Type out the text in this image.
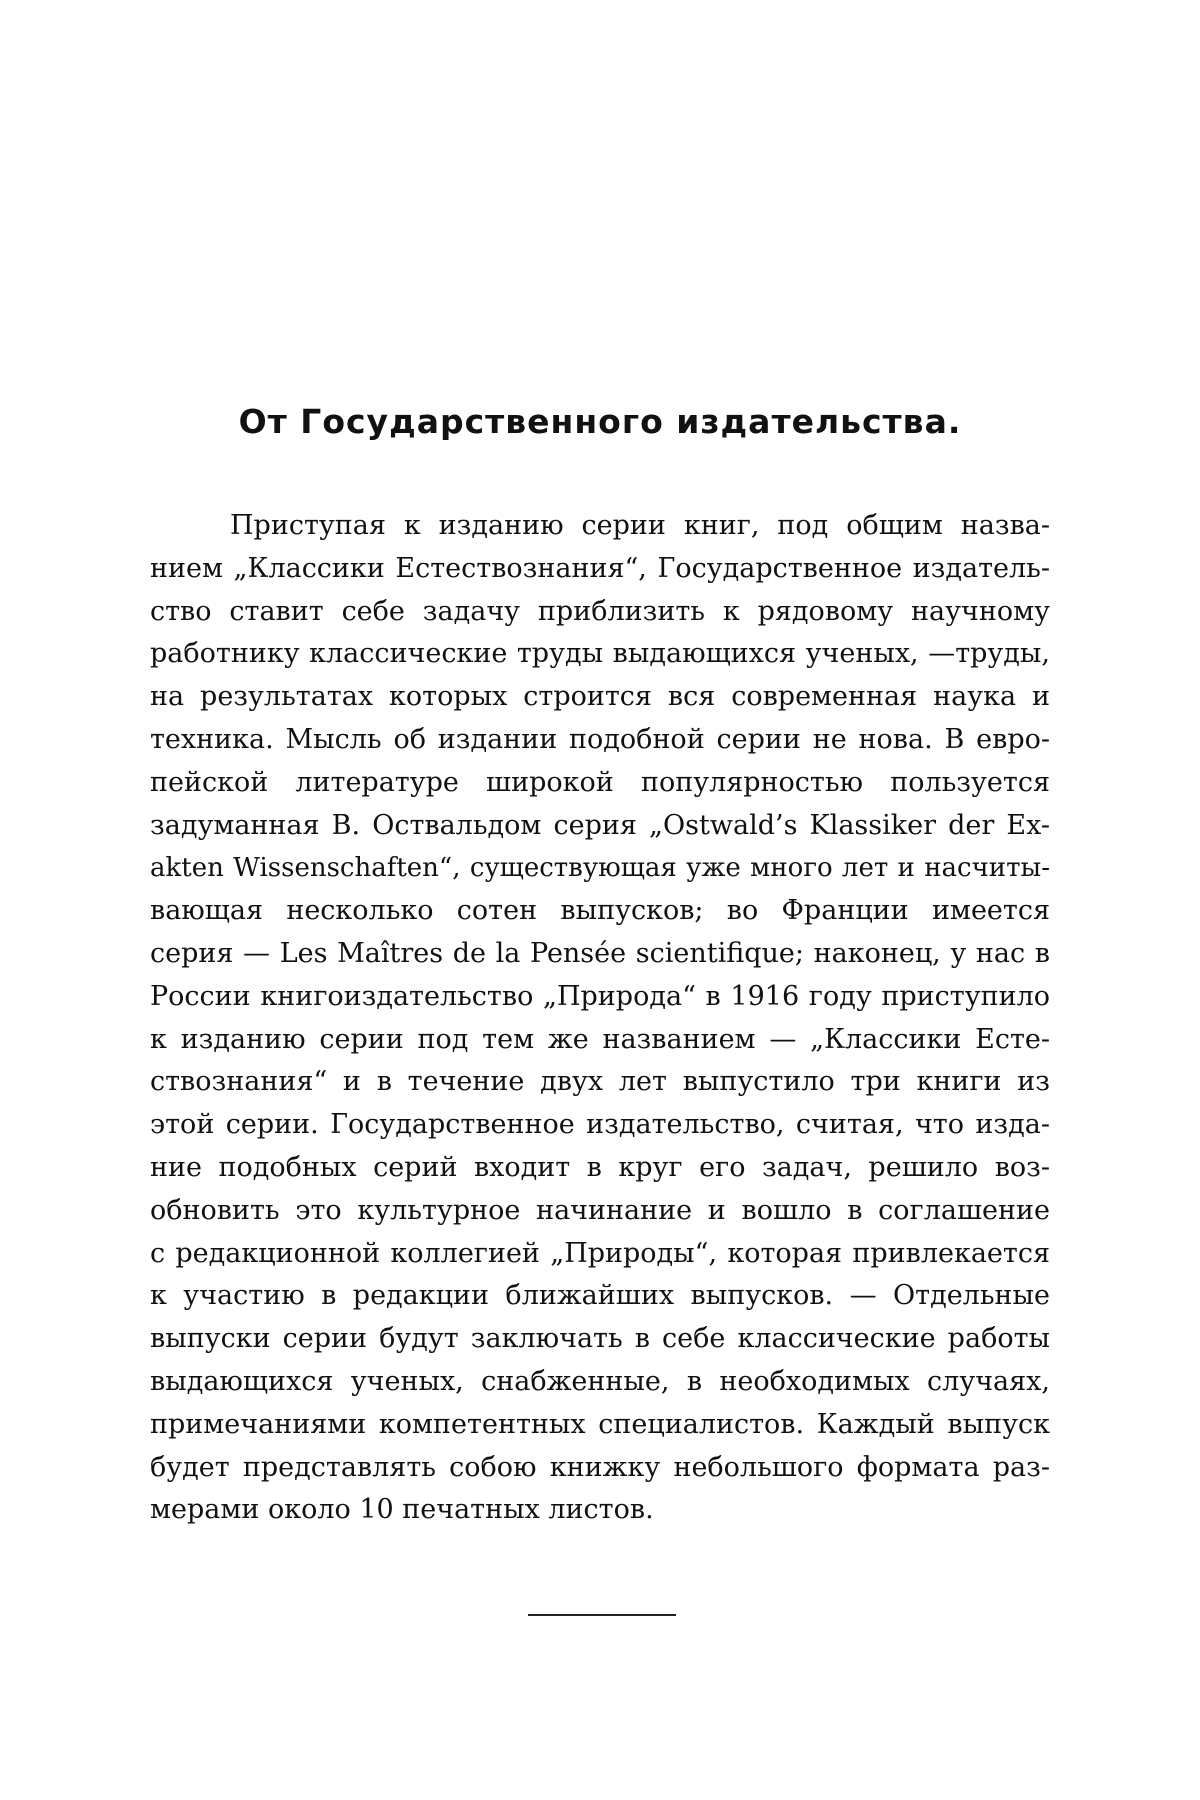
От Государственного издательства.
Приступая к изданию серии книг, под общим назва-
нием „Классики Естествознания“, Государственное издатель-
ство ставит себе задачу приблизить к рядовому научному
работнику классические труды выдающихся ученых, —труды,
на результатах которых строится вся современная наука и
техника. Мысль об издании подобной серии не нова. В евро-
пейской литературе широкой популярностью пользуется
задуманная В. Оствальдом серия „Ostwald’s Klassiker der Ex-
akten Wissenschaften“, существующая уже много лет и насчиты-
вающая несколько сотен выпусков; во Франции имеется
серия — Les Maîtres de la Pensée scientifique; наконец, у нас в
России книгоиздательство „Природа“ в 1916 году приступило
к изданию серии под тем же названием — „Классики Есте-
ствознания“ и в течение двух лет выпустило три книги из
этой серии. Государственное издательство, считая, что изда-
ние подобных серий входит в круг его задач, решило воз-
обновить это культурное начинание и вошло в соглашение
с редакционной коллегией „Природы“, которая привлекается
к участию в редакции ближайших выпусков. — Отдельные
выпуски серии будут заключать в себе классические работы
выдающихся ученых, снабженные, в необходимых случаях,
примечаниями компетентных специалистов. Каждый выпуск
будет представлять собою книжку небольшого формата раз-
мерами около 10 печатных листов.
